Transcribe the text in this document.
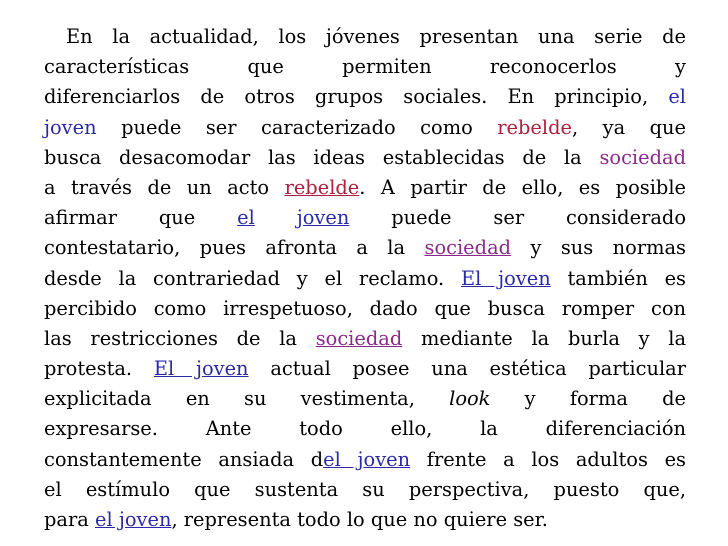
En la actualidad, los jóvenes presentan una serie de
características que permiten reconocerlos y
diferenciarlos de otros grupos sociales. En principio, el
joven puede ser caracterizado como rebelde, ya que
busca desacomodar las ideas establecidas de la sociedad
a través de un acto rebelde. A partir de ello, es posible
afirmar que el joven puede ser considerado
contestatario, pues afronta a la sociedad y sus normas
desde la contrariedad y el reclamo. El joven también es
percibido como irrespetuoso, dado que busca romper con
las restricciones de la sociedad mediante la burla y la
protesta. El joven actual posee una estética particular
explicitada en su vestimenta, look y forma de
expresarse. Ante todo ello, la diferenciación
constantemente ansiada del joven frente a los adultos es
el estímulo que sustenta su perspectiva, puesto que,
para el joven, representa todo lo que no quiere ser.
